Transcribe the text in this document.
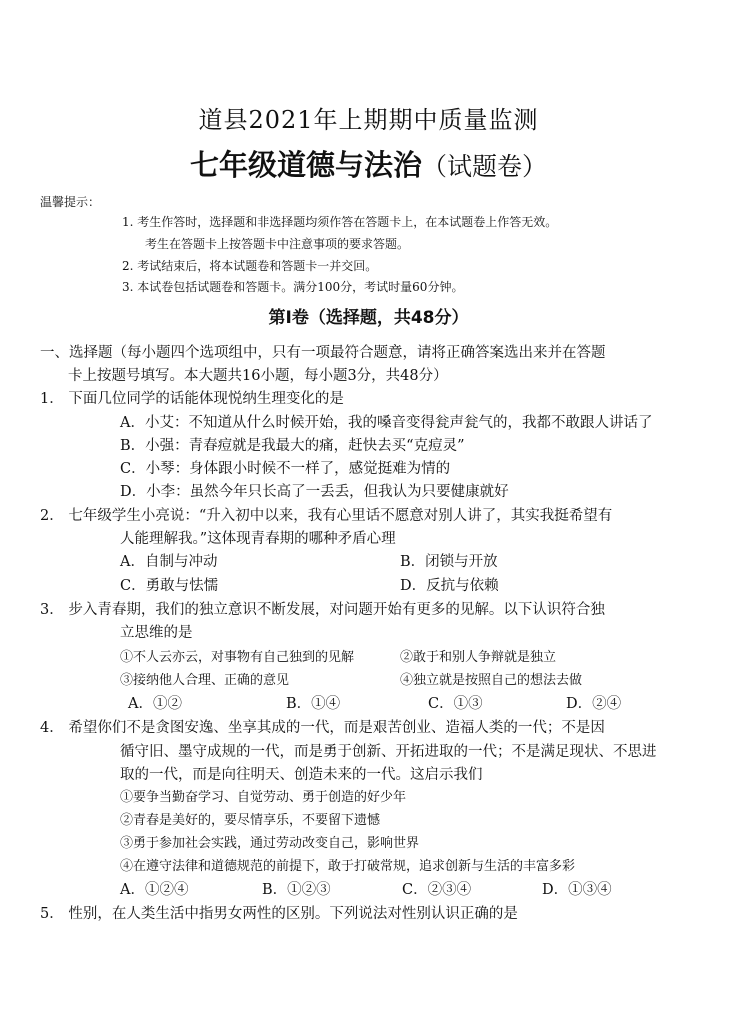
道县2021年上期期中质量监测
七年级道德与法治（试题卷）
温馨提示：
1. 考生作答时，选择题和非选择题均须作答在答题卡上，在本试题卷上作答无效。
考生在答题卡上按答题卡中注意事项的要求答题。
2. 考试结束后，将本试题卷和答题卡一并交回。
3. 本试卷包括试题卷和答题卡。满分100分，考试时量60分钟。
第Ⅰ卷（选择题，共48分）
一、选择题（每小题四个选项组中，只有一项最符合题意，请将正确答案选出来并在答题
卡上按题号填写。本大题共16小题，每小题3分，共48分）
1． 下面几位同学的话能体现悦纳生理变化的是
A．小艾：不知道从什么时候开始，我的嗓音变得瓮声瓮气的，我都不敢跟人讲话了
B．小强：青春痘就是我最大的痛，赶快去买“克痘灵”
C．小琴：身体跟小时候不一样了，感觉挺难为情的
D．小李：虽然今年只长高了一丢丢，但我认为只要健康就好
2． 七年级学生小亮说：“升入初中以来，我有心里话不愿意对别人讲了，其实我挺希望有
人能理解我。”这体现青春期的哪种矛盾心理
A．自制与冲动	B．闭锁与开放
C．勇敢与怯懦	D．反抗与依赖
3． 步入青春期，我们的独立意识不断发展，对问题开始有更多的见解。以下认识符合独
立思维的是
①不人云亦云，对事物有自己独到的见解	②敢于和别人争辩就是独立
③接纳他人合理、正确的意见	④独立就是按照自己的想法去做
A．①②	B．①④	C．①③	D．②④
4． 希望你们不是贪图安逸、坐享其成的一代，而是艰苦创业、造福人类的一代；不是因
循守旧、墨守成规的一代，而是勇于创新、开拓进取的一代；不是满足现状、不思进
取的一代，而是向往明天、创造未来的一代。这启示我们
①要争当勤奋学习、自觉劳动、勇于创造的好少年
②青春是美好的，要尽情享乐，不要留下遗憾
③勇于参加社会实践，通过劳动改变自己，影响世界
④在遵守法律和道德规范的前提下，敢于打破常规，追求创新与生活的丰富多彩
A．①②④	B．①②③	C．②③④	D．①③④
5． 性别，在人类生活中指男女两性的区别。下列说法对性别认识正确的是
